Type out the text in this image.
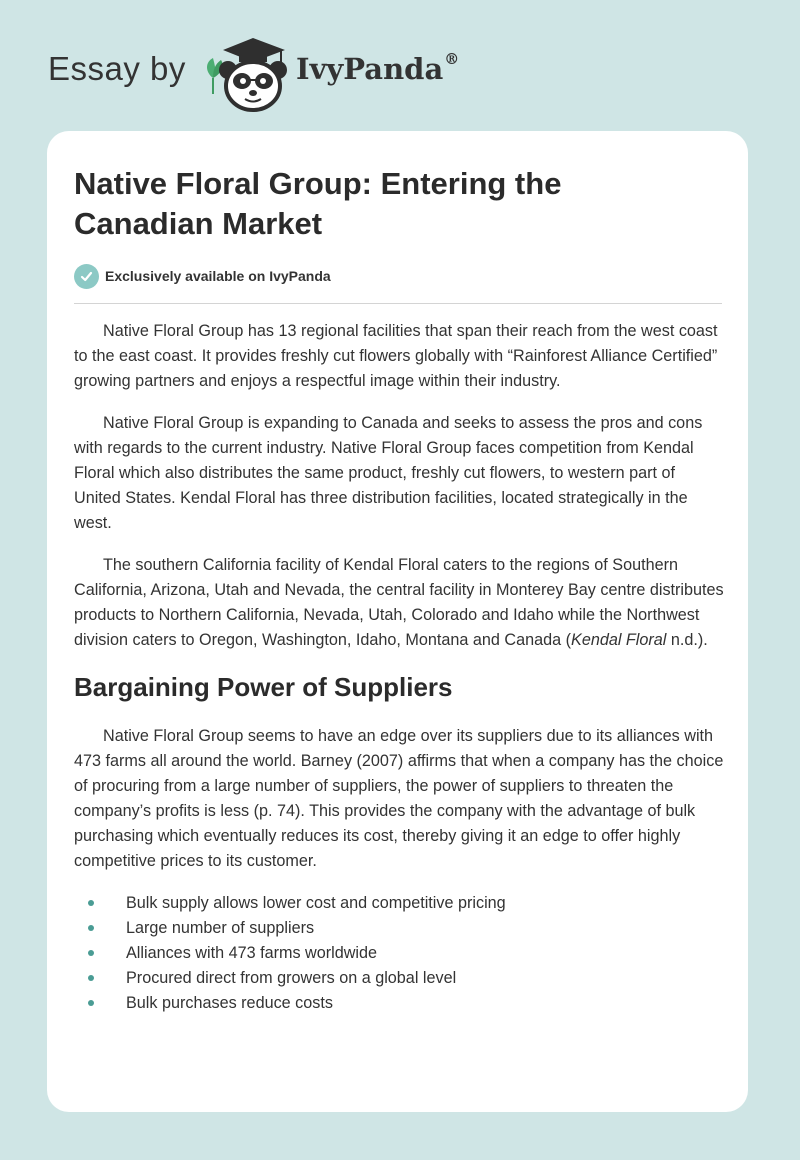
Essay by	IvyPanda®
Native Floral Group: Entering the Canadian Market
Exclusively available on IvyPanda

Native Floral Group has 13 regional facilities that span their reach from the west coast to the east coast. It provides freshly cut flowers globally with “Rainforest Alliance Certified” growing partners and enjoys a respectful image within their industry.

Native Floral Group is expanding to Canada and seeks to assess the pros and cons with regards to the current industry. Native Floral Group faces competition from Kendal Floral which also distributes the same product, freshly cut flowers, to western part of United States. Kendal Floral has three distribution facilities, located strategically in the west.

The southern California facility of Kendal Floral caters to the regions of Southern California, Arizona, Utah and Nevada, the central facility in Monterey Bay centre distributes products to Northern California, Nevada, Utah, Colorado and Idaho while the Northwest division caters to Oregon, Washington, Idaho, Montana and Canada (Kendal Floral n.d.).

Bargaining Power of Suppliers

Native Floral Group seems to have an edge over its suppliers due to its alliances with 473 farms all around the world. Barney (2007) affirms that when a company has the choice of procuring from a large number of suppliers, the power of suppliers to threaten the company’s profits is less (p. 74). This provides the company with the advantage of bulk purchasing which eventually reduces its cost, thereby giving it an edge to offer highly competitive prices to its customer.

Bulk supply allows lower cost and competitive pricing
Large number of suppliers
Alliances with 473 farms worldwide
Procured direct from growers on a global level
Bulk purchases reduce costs
